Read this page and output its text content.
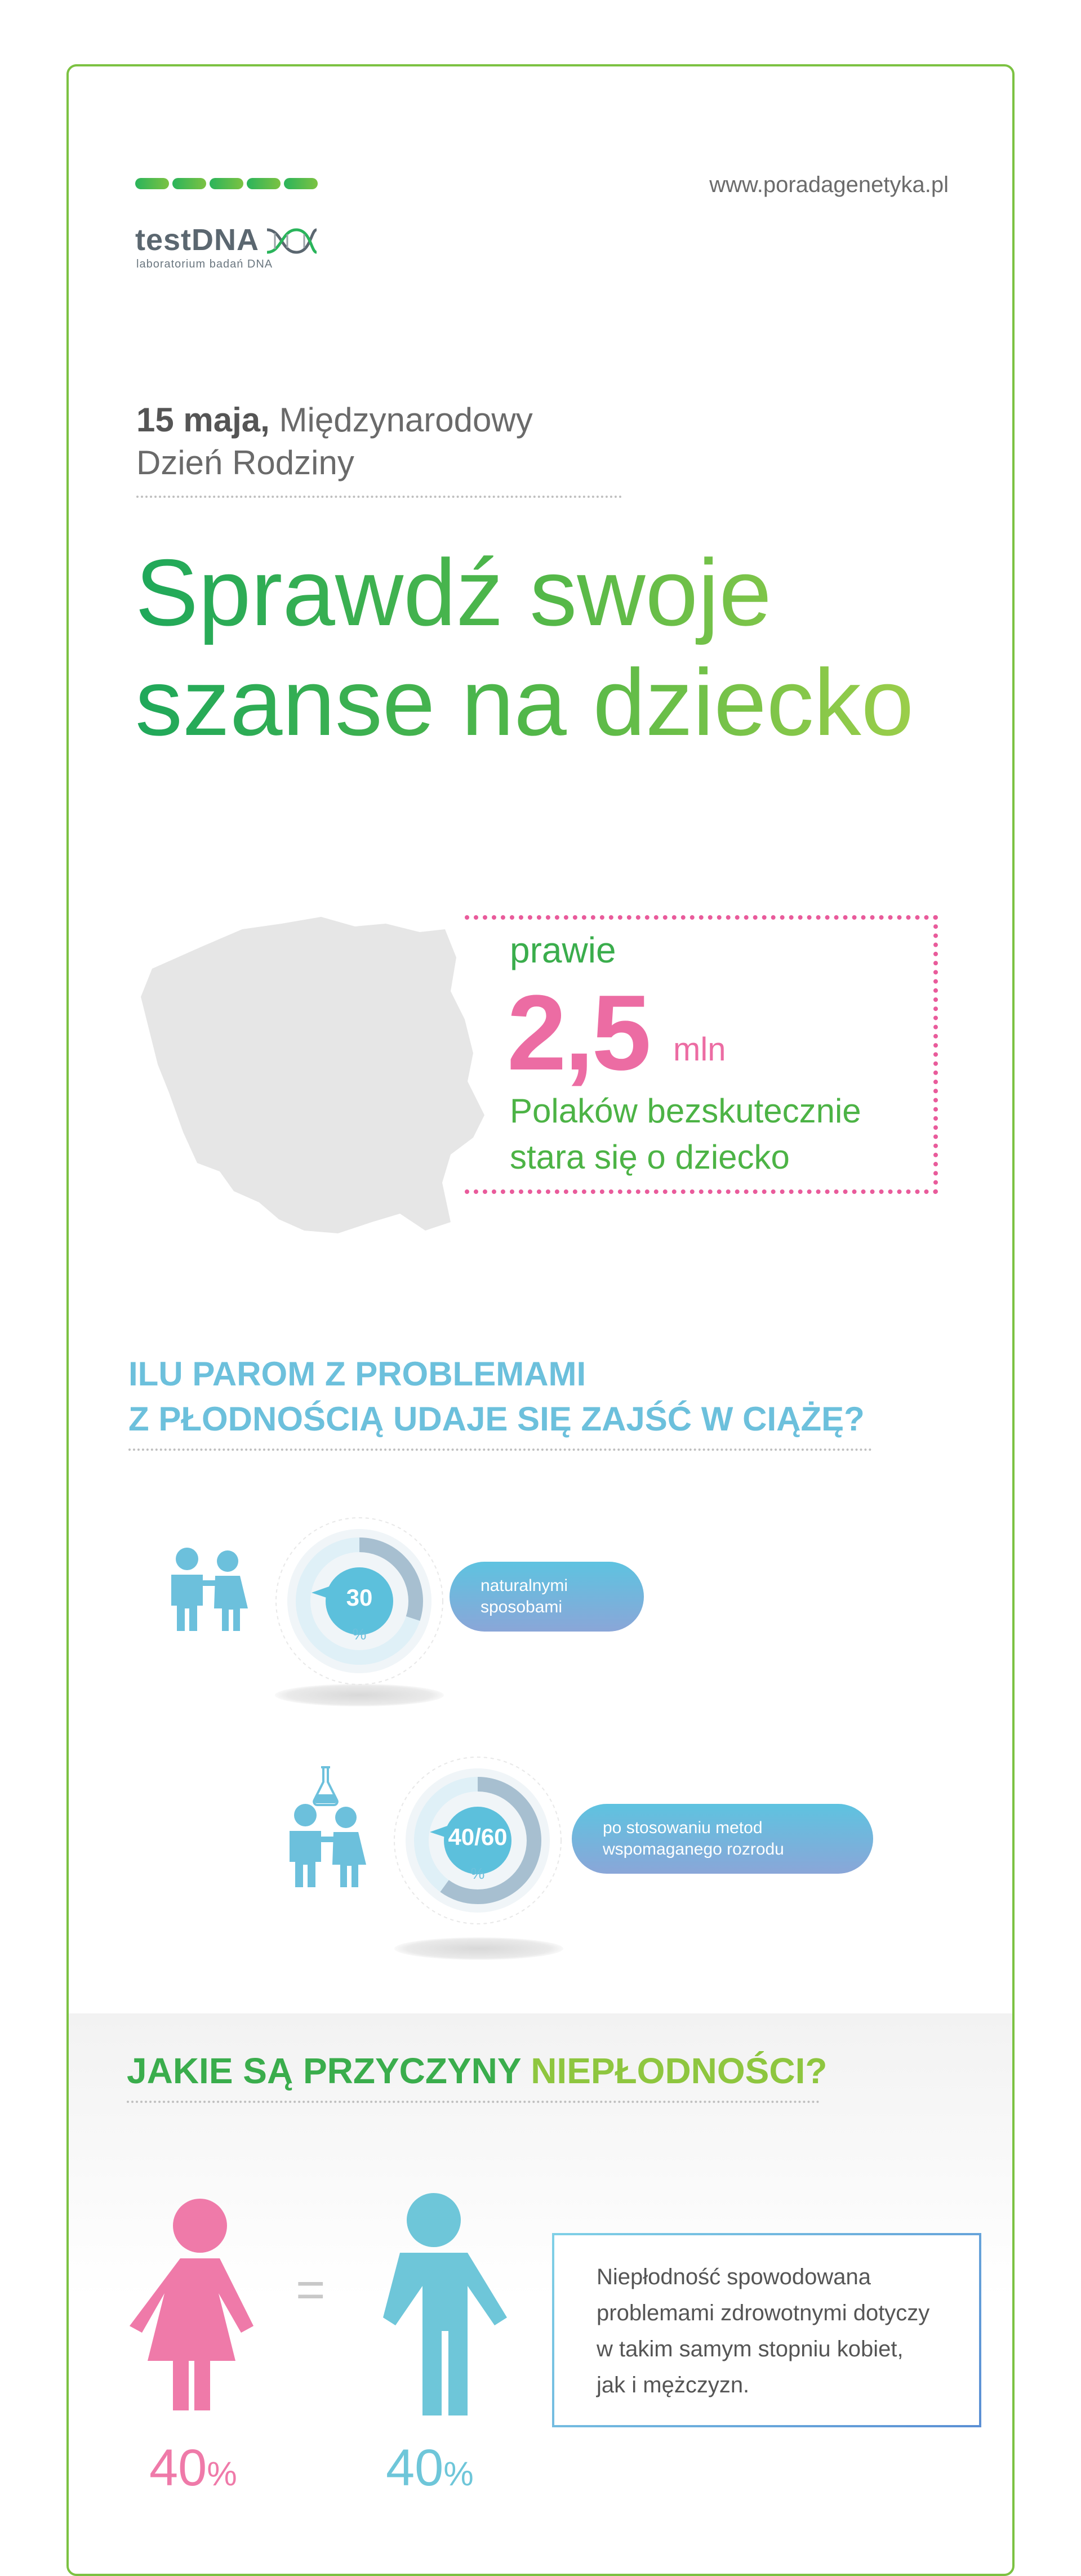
testDNA
laboratorium badań DNA
www.poradagenetyka.pl
15 maja, Międzynarodowy
Dzień Rodziny
Sprawdź swoje
szanse na dziecko
prawie
2,5 mln
Polaków bezskutecznie
stara się o dziecko
ILU PAROM Z PROBLEMAMI
Z PŁODNOŚCIĄ UDAJE SIĘ ZAJŚĆ W CIĄŻĘ?
30
%
naturalnymi
sposobami
40/60
%
po stosowaniu metod
wspomaganego rozrodu
JAKIE SĄ PRZYCZYNY NIEPŁODNOŚCI?
=
40%	40%
Niepłodność spowodowana
problemami zdrowotnymi dotyczy
w takim samym stopniu kobiet,
jak i mężczyzn.
